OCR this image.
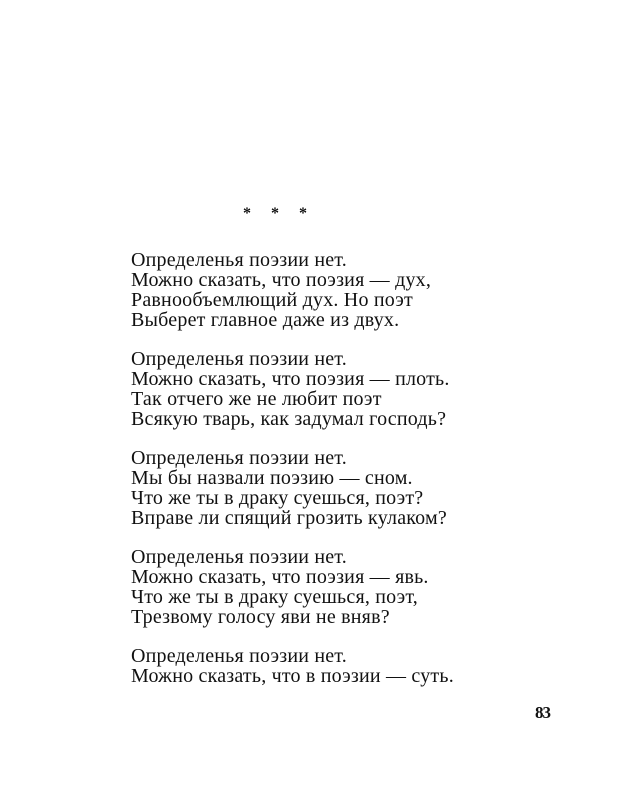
* * *
Определенья поэзии нет.
Можно сказать, что поэзия — дух,
Равнообъемлющий дух. Но поэт
Выберет главное даже из двух.
Определенья поэзии нет.
Можно сказать, что поэзия — плоть.
Так отчего же не любит поэт
Всякую тварь, как задумал господь?
Определенья поэзии нет.
Мы бы назвали поэзию — сном.
Что же ты в драку суешься, поэт?
Вправе ли спящий грозить кулаком?
Определенья поэзии нет.
Можно сказать, что поэзия — явь.
Что же ты в драку суешься, поэт,
Трезвому голосу яви не вняв?
Определенья поэзии нет.
Можно сказать, что в поэзии — суть.
83
